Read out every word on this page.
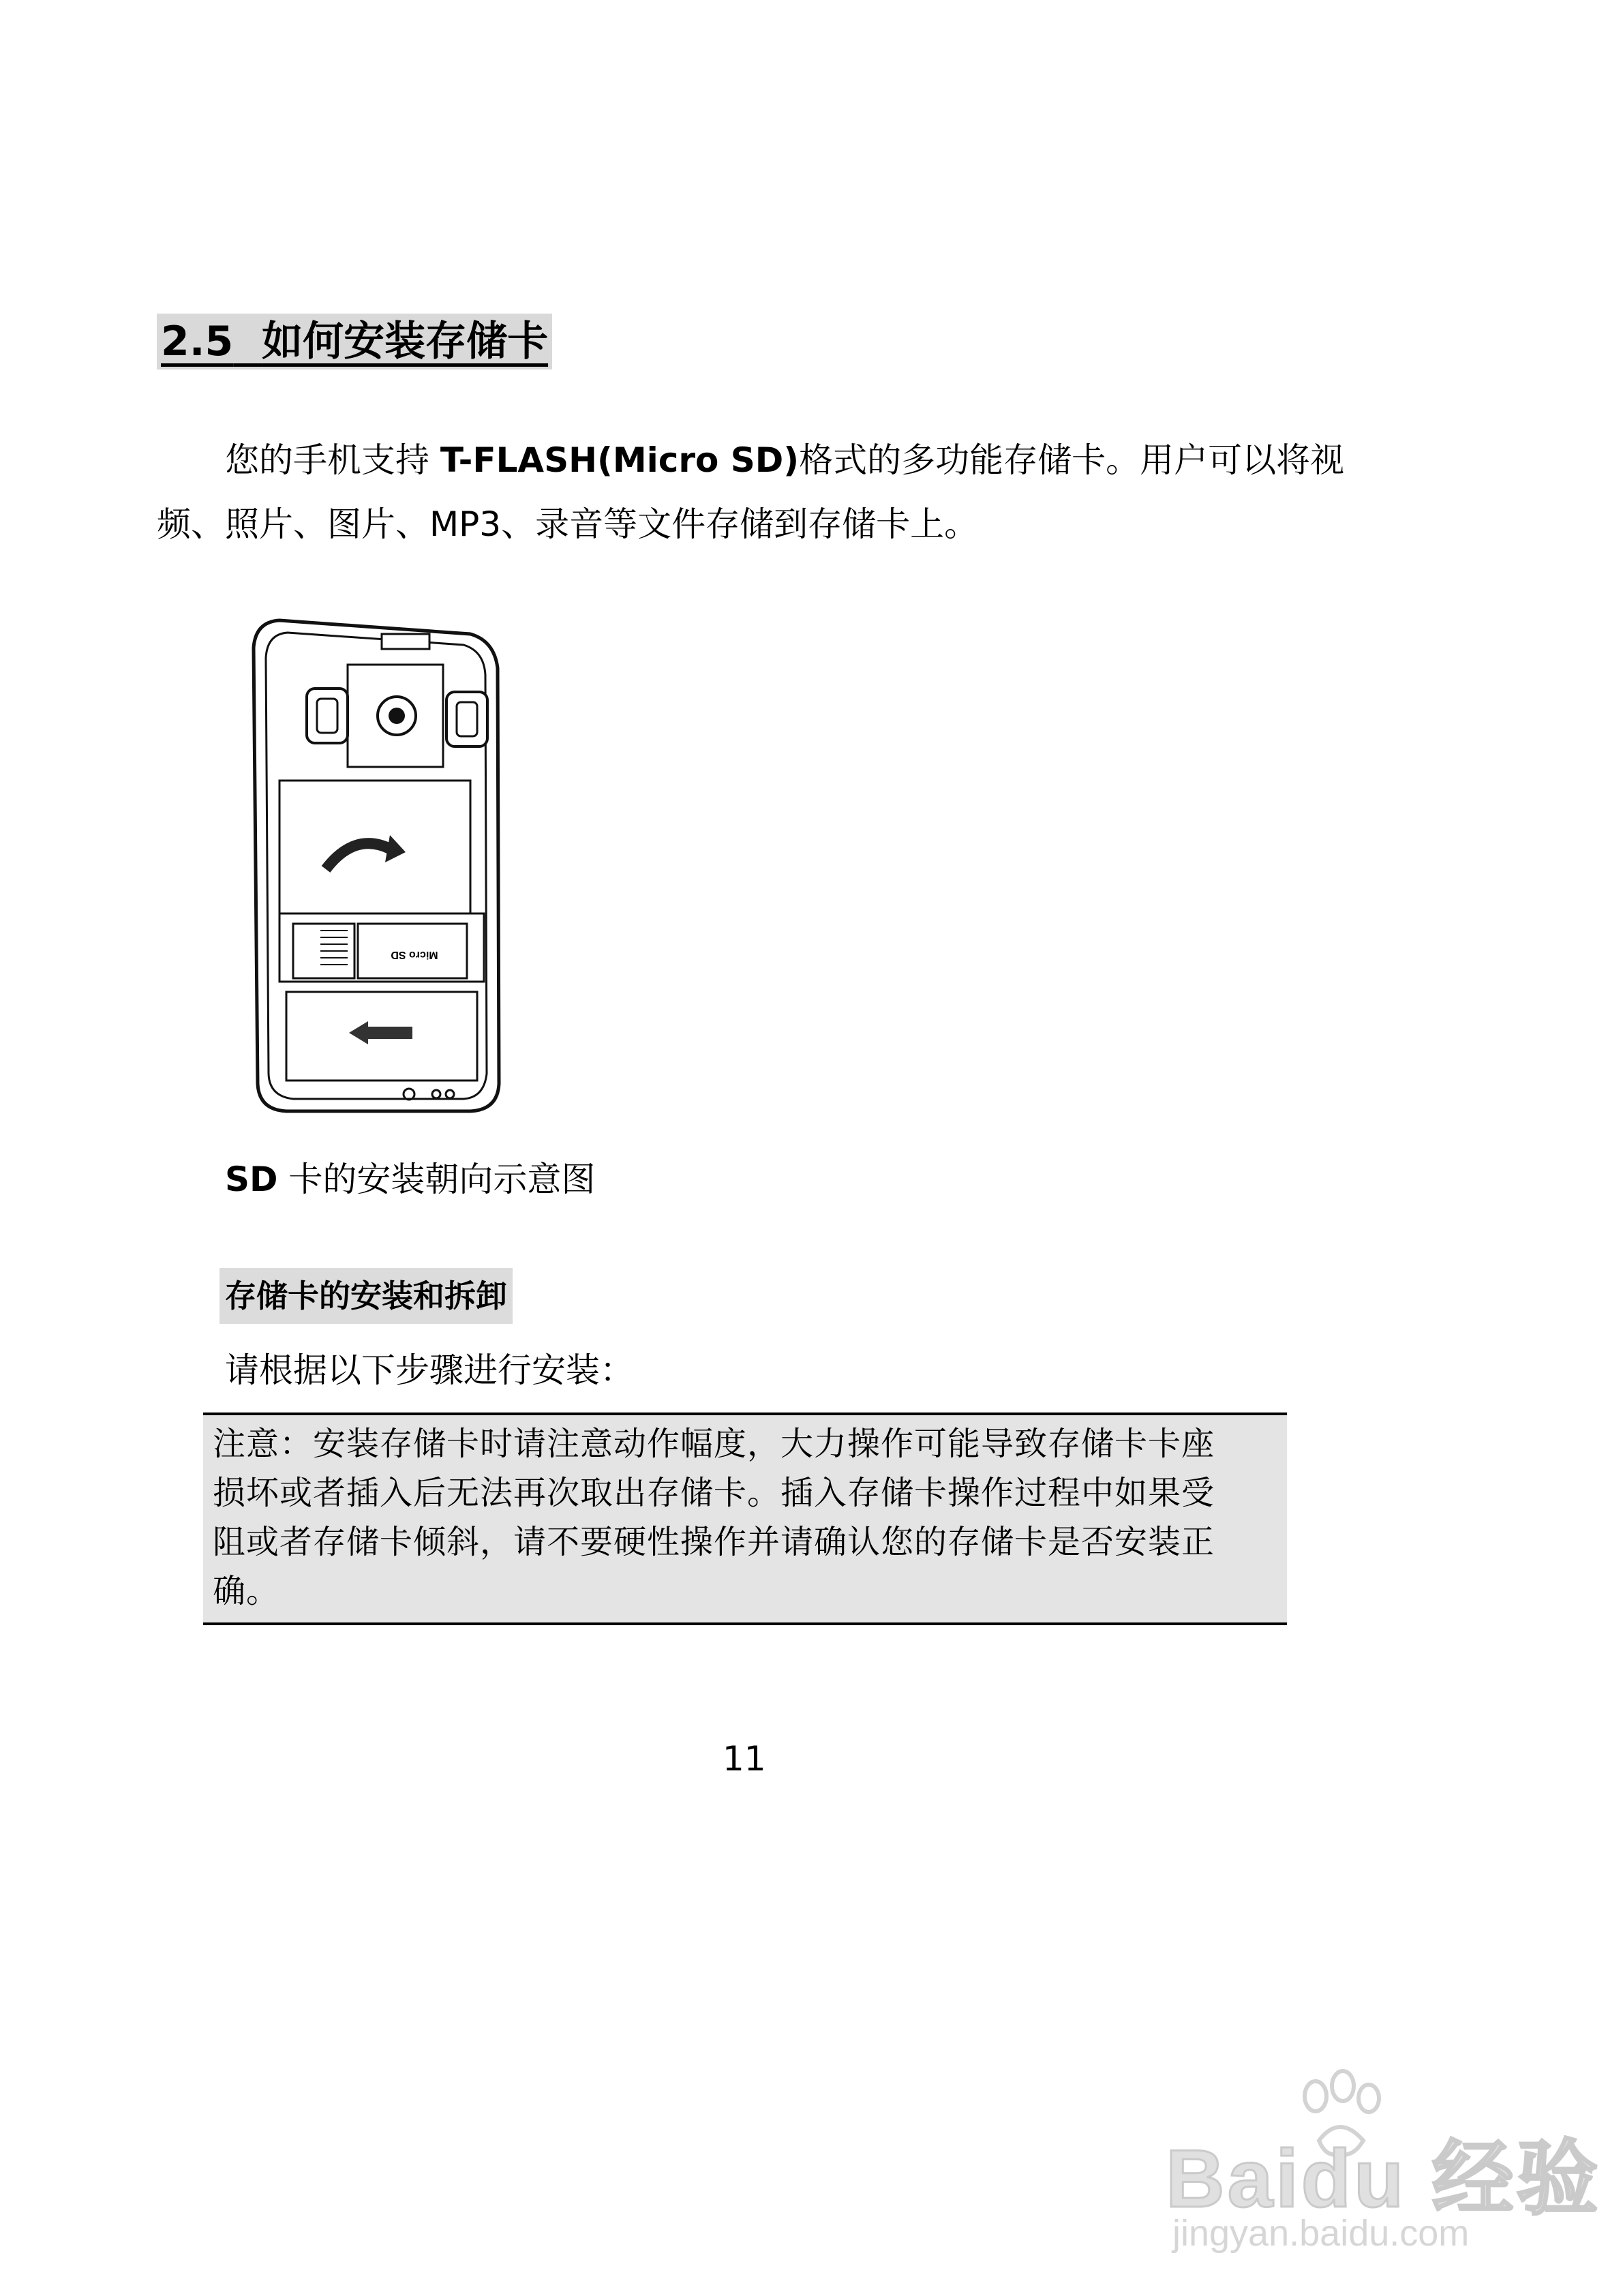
2.5 如何安装存储卡
您的手机支持 T-FLASH(Micro SD)格式的多功能存储卡。用户可以将视
频、照片、图片、MP3、录音等文件存储到存储卡上。
Micro SD
SD 卡的安装朝向示意图
存储卡的安装和拆卸
请根据以下步骤进行安装：
注意：安装存储卡时请注意动作幅度，大力操作可能导致存储卡卡座
损坏或者插入后无法再次取出存储卡。插入存储卡操作过程中如果受
阻或者存储卡倾斜，请不要硬性操作并请确认您的存储卡是否安装正
确。
11
Baidu 经验
jingyan.baidu.com
